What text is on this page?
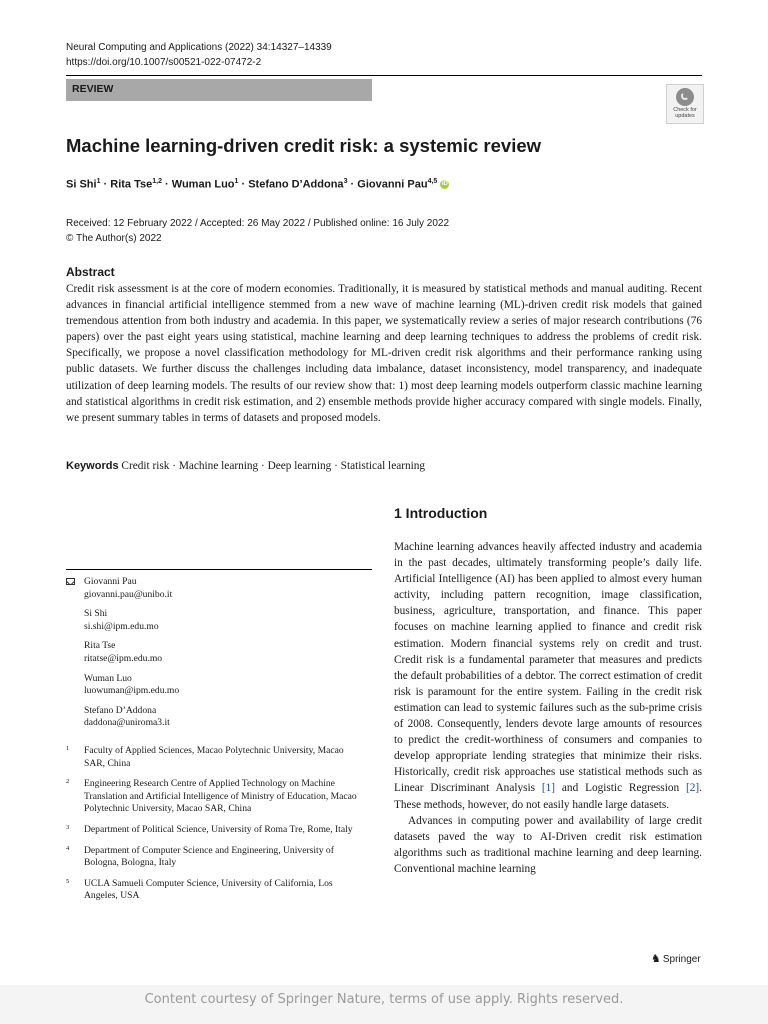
Neural Computing and Applications (2022) 34:14327–14339
https://doi.org/10.1007/s00521-022-07472-2
REVIEW
Check for updates
Machine learning-driven credit risk: a systemic review
Si Shi$^1$ · Rita Tse$^{1,2}$ · Wuman Luo$^1$ · Stefano D’Addona$^3$ · Giovanni Pau$^{4,5}$ iD
Received: 12 February 2022 / Accepted: 26 May 2022 / Published online: 16 July 2022
© The Author(s) 2022
Abstract
Credit risk assessment is at the core of modern economies. Traditionally, it is measured by statistical methods and manual auditing. Recent advances in financial artificial intelligence stemmed from a new wave of machine learning (ML)-driven credit risk models that gained tremendous attention from both industry and academia. In this paper, we systematically review a series of major research contributions (76 papers) over the past eight years using statistical, machine learning and deep learning techniques to address the problems of credit risk. Specifically, we propose a novel classification methodology for ML-driven credit risk algorithms and their performance ranking using public datasets. We further discuss the challenges including data imbalance, dataset inconsistency, model transparency, and inadequate utilization of deep learning models. The results of our review show that: 1) most deep learning models outperform classic machine learning and statistical algorithms in credit risk estimation, and 2) ensemble methods provide higher accuracy compared with single models. Finally, we present summary tables in terms of datasets and proposed models.
Keywords Credit risk · Machine learning · Deep learning · Statistical learning
1 Introduction

Machine learning advances heavily affected industry and academia in the past decades, ultimately transforming people’s daily life. Artificial Intelligence (AI) has been applied to almost every human activity, including pattern recognition, image classification, business, agriculture, transportation, and finance. This paper focuses on machine learning applied to finance and credit risk estimation. Modern financial systems rely on credit and trust. Credit risk is a fundamental parameter that measures and predicts the default probabilities of a debtor. The correct estimation of credit risk is paramount for the entire system. Failing in the credit risk estimation can lead to systemic failures such as the sub-prime crisis of 2008. Consequently, lenders devote large amounts of resources to predict the credit-worthiness of consumers and companies to develop appropriate lending strategies that minimize their risks. Historically, credit risk approaches use statistical methods such as Linear Discriminant Analysis [1] and Logistic Regression [2]. These methods, however, do not easily handle large datasets.

Advances in computing power and availability of large credit datasets paved the way to AI-Driven credit risk estimation algorithms such as traditional machine learning and deep learning. Conventional machine learning

Giovanni Pau
giovanni.pau@unibo.it
Si Shi
si.shi@ipm.edu.mo
Rita Tse
ritatse@ipm.edu.mo
Wuman Luo
luowuman@ipm.edu.mo
Stefano D’Addona
daddona@uniroma3.it
1 Faculty of Applied Sciences, Macao Polytechnic University, Macao SAR, China
2 Engineering Research Centre of Applied Technology on Machine Translation and Artificial Intelligence of Ministry of Education, Macao Polytechnic University, Macao SAR, China
3 Department of Political Science, University of Roma Tre, Rome, Italy
4 Department of Computer Science and Engineering, University of Bologna, Bologna, Italy
5 UCLA Samueli Computer Science, University of California, Los Angeles, USA
♞ Springer
Content courtesy of Springer Nature, terms of use apply. Rights reserved.
